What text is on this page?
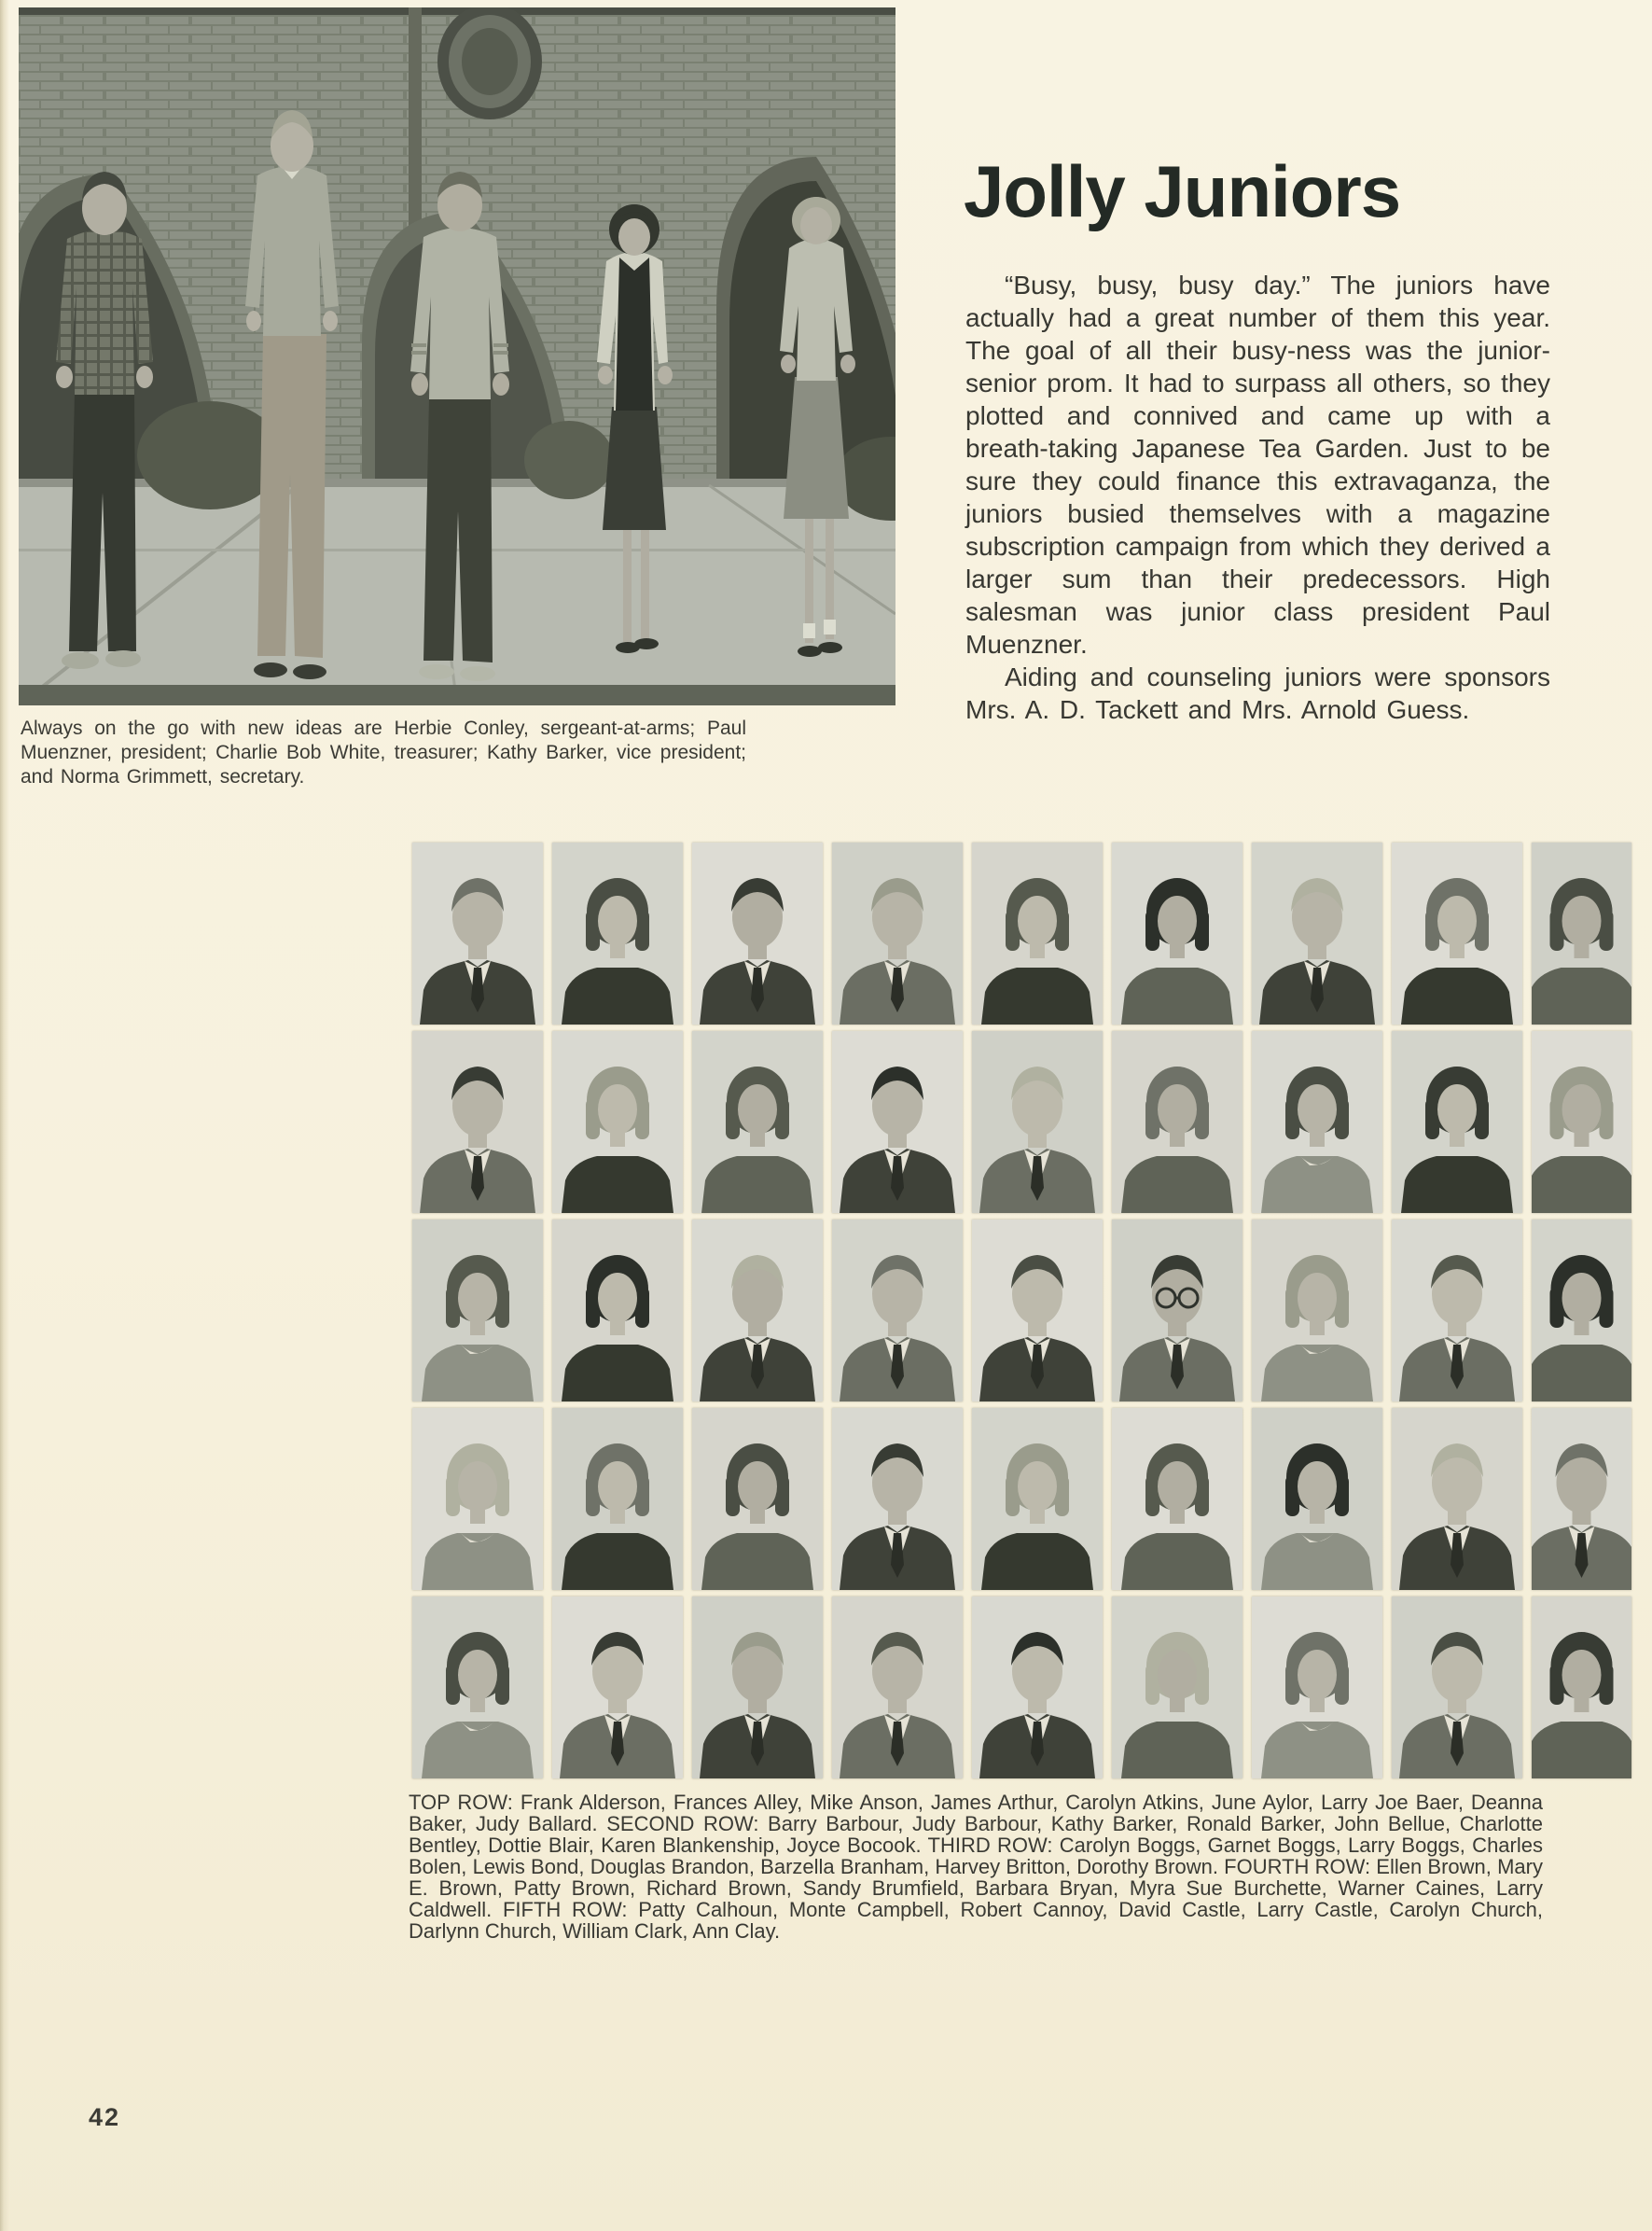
Always on the go with new ideas are Herbie Conley, sergeant-at-arms; Paul Muenzner, president; Charlie Bob White, treasurer; Kathy Barker, vice president; and Norma Grimmett, secretary.
Jolly Juniors

“Busy, busy, busy day.” The juniors have actually had a great number of them this year. The goal of all their busy-ness was the junior-senior prom. It had to surpass all others, so they plotted and connived and came up with a breath-taking Japanese Tea Garden. Just to be sure they could finance this extravaganza, the juniors busied themselves with a magazine subscription campaign from which they derived a larger sum than their predecessors. High salesman was junior class president Paul Muenzner.

Aiding and counseling juniors were sponsors Mrs. A. D. Tackett and Mrs. Arnold Guess.

TOP ROW: Frank Alderson, Frances Alley, Mike Anson, James Arthur, Carolyn Atkins, June Aylor, Larry Joe Baer, Deanna Baker, Judy Ballard. SECOND ROW: Barry Barbour, Judy Barbour, Kathy Barker, Ronald Barker, John Bellue, Charlotte Bentley, Dottie Blair, Karen Blankenship, Joyce Bocook. THIRD ROW: Carolyn Boggs, Garnet Boggs, Larry Boggs, Charles Bolen, Lewis Bond, Douglas Brandon, Barzella Branham, Harvey Britton, Dorothy Brown. FOURTH ROW: Ellen Brown, Mary E. Brown, Patty Brown, Richard Brown, Sandy Brumfield, Barbara Bryan, Myra Sue Burchette, Warner Caines, Larry Caldwell. FIFTH ROW: Patty Calhoun, Monte Campbell, Robert Cannoy, David Castle, Larry Castle, Carolyn Church, Darlynn Church, William Clark, Ann Clay.
42
